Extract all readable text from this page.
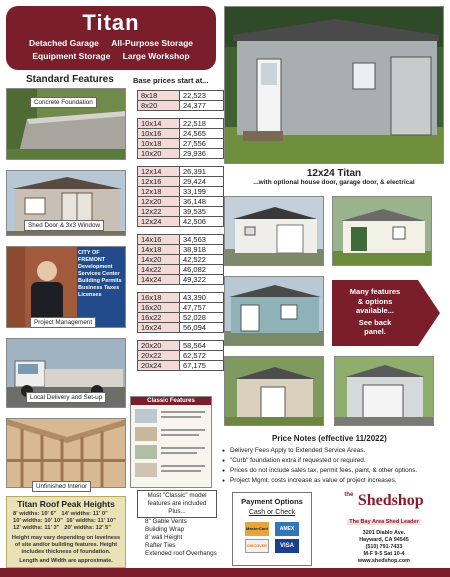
Titan
Detached Garage All-Purpose Storage
Equipment Storage Large Workshop
Standard Features
Concrete Foundation
Shed Door & 3x3 Window
CITY OF FREMONT
Development Services Center
Building Permits
Business Taxes
Licenses
Project Management
Local Delivery and Set-up
Unfinished Interior
Titan Roof Peak Heights
8' widths: 10' 6" 14' widths: 11' 0"
10' widths: 10' 10" 16' widths: 11' 10"
12' widths: 11' 3" 20' widths: 12' 5"
Height may vary depending on levelness of site and/or building features. Height includes thickness of foundation.
Length and Width are approximate.
Base prices start at...
8x18	22,523
8x20	24,377
10x14	22,518
10x16	24,565
10x18	27,556
10x20	29,936
12x14	26,391
12x16	29,424
12x18	33,199
12x20	36,148
12x22	39,535
12x24	42,506
14x16	34,563
14x18	38,918
14x20	42,522
14x22	46,082
14x24	49,322
16x18	43,390
16x20	47,757
16x22	52,028
16x24	56,094
20x20	58,564
20x22	62,572
20x24	67,175
Classic Features
Most "Classic" model features are included Plus...
8" Gable Vents
Building Wrap
8' wall Height
Rafter Ties
Extended roof Overhangs
12x24 Titan
...with optional house door, garage door, & electrical
Many features
& options
available...
See back
panel.
Price Notes (effective 11/2022)
● Delivery Fees Apply to Extended Service Areas.
● "Curb" foundation extra if requested or required.
● Prices do not include sales tax, permit fees, paint, & other options.
● Project Mgmt. costs increase as value of project increases.
Payment Options
Cash or Check
MasterCard	AMEX
DISCOVER	VISA
$^{the}$ Shedshop
The Bay Area Shed Leader
3201 Diablo Ave.
Hayward, CA 94545
(510) 791-7433
M-F 9-5 Sat 10-4
www.shedshop.com
